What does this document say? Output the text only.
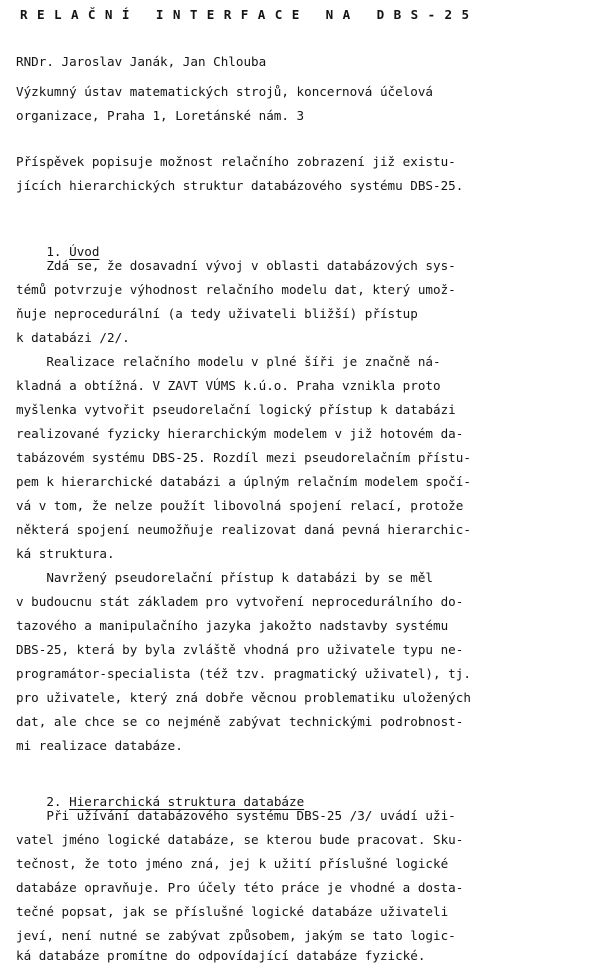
RELAČNÍ INTERFACE NA DBS-25
RNDr. Jaroslav Janák, Jan Chlouba
Výzkumný ústav matematických strojů, koncernová účelová
organizace, Praha 1, Loretánské nám. 3
Příspěvek popisuje možnost relačního zobrazení již existu-
jících hierarchických struktur databázového systému DBS-25.

1. Úvod

Zdá se, že dosavadní vývoj v oblasti databázových sys-
témů potvrzuje výhodnost relačního modelu dat, který umož-
ňuje neprocedurální (a tedy uživateli bližší) přístup
k databázi /2/.
Realizace relačního modelu v plné šíři je značně ná-
kladná a obtížná. V ZAVT VÚMS k.ú.o. Praha vznikla proto
myšlenka vytvořit pseudorelační logický přístup k databázi
realizované fyzicky hierarchickým modelem v již hotovém da-
tabázovém systému DBS-25. Rozdíl mezi pseudorelačním přístu-
pem k hierarchické databázi a úplným relačním modelem spočí-
vá v tom, že nelze použít libovolná spojení relací, protože
některá spojení neumožňuje realizovat daná pevná hierarchic-
ká struktura.
Navržený pseudorelační přístup k databázi by se měl
v budoucnu stát základem pro vytvoření neprocedurálního do-
tazového a manipulačního jazyka jakožto nadstavby systému
DBS-25, která by byla zvláště vhodná pro uživatele typu ne-
programátor-specialista (též tzv. pragmatický uživatel), tj.
pro uživatele, který zná dobře věcnou problematiku uložených
dat, ale chce se co nejméně zabývat technickými podrobnost-
mi realizace databáze.

2. Hierarchická struktura databáze

Při užívání databázového systému DBS-25 /3/ uvádí uži-
vatel jméno logické databáze, se kterou bude pracovat. Sku-
tečnost, že toto jméno zná, jej k užití příslušné logické
databáze opravňuje. Pro účely této práce je vhodné a dosta-
tečné popsat, jak se příslušné logické databáze uživateli
jeví, není nutné se zabývat způsobem, jakým se tato logic-
ká databáze promítne do odpovídající databáze fyzické.
